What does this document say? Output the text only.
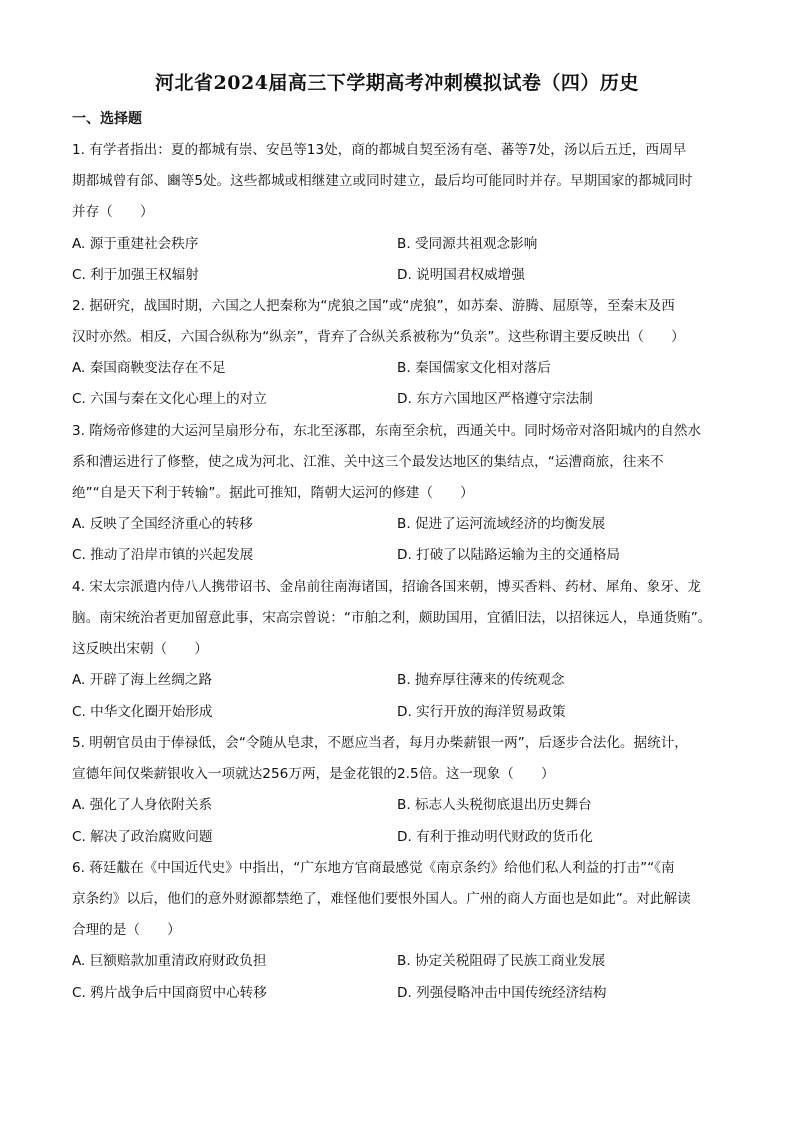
河北省2024届高三下学期高考冲刺模拟试卷（四）历史
一、选择题
1. 有学者指出：夏的都城有崇、安邑等13处，商的都城自契至汤有亳、蕃等7处，汤以后五迁，西周早
期都城曾有郃、豳等5处。这些都城或相继建立或同时建立，最后均可能同时并存。早期国家的都城同时
并存（　　）
A. 源于重建社会秩序	B. 受同源共祖观念影响
C. 利于加强王权辐射	D. 说明国君权威增强
2. 据研究，战国时期，六国之人把秦称为“虎狼之国”或“虎狼”，如苏秦、游腾、屈原等，至秦末及西
汉时亦然。相反，六国合纵称为“纵亲”，背弃了合纵关系被称为“负亲”。这些称谓主要反映出（　　）
A. 秦国商鞅变法存在不足	B. 秦国儒家文化相对落后
C. 六国与秦在文化心理上的对立	D. 东方六国地区严格遵守宗法制
3. 隋炀帝修建的大运河呈扇形分布，东北至涿郡，东南至余杭，西通关中。同时炀帝对洛阳城内的自然水
系和漕运进行了修整，使之成为河北、江淮、关中这三个最发达地区的集结点，“运漕商旅，往来不
绝”“自是天下利于转输”。据此可推知，隋朝大运河的修建（　　）
A. 反映了全国经济重心的转移	B. 促进了运河流域经济的均衡发展
C. 推动了沿岸市镇的兴起发展	D. 打破了以陆路运输为主的交通格局
4. 宋太宗派遣内侍八人携带诏书、金帛前往南海诸国，招谕各国来朝，博买香料、药材、犀角、象牙、龙
脑。南宋统治者更加留意此事，宋高宗曾说：“市舶之利，颇助国用，宜循旧法，以招徕远人，阜通货贿”。
这反映出宋朝（　　）
A. 开辟了海上丝绸之路	B. 抛弃厚往薄来的传统观念
C. 中华文化圈开始形成	D. 实行开放的海洋贸易政策
5. 明朝官员由于俸禄低，会“令随从皂隶，不愿应当者，每月办柴薪银一两”，后逐步合法化。据统计，
宣德年间仅柴薪银收入一项就达256万两，是金花银的2.5倍。这一现象（　　）
A. 强化了人身依附关系	B. 标志人头税彻底退出历史舞台
C. 解决了政治腐败问题	D. 有利于推动明代财政的货币化
6. 蒋廷黻在《中国近代史》中指出，“广东地方官商最感觉《南京条约》给他们私人利益的打击”“《南
京条约》以后，他们的意外财源都禁绝了，难怪他们要恨外国人。广州的商人方面也是如此”。对此解读
合理的是（　　）
A. 巨额赔款加重清政府财政负担	B. 协定关税阻碍了民族工商业发展
C. 鸦片战争后中国商贸中心转移	D. 列强侵略冲击中国传统经济结构
